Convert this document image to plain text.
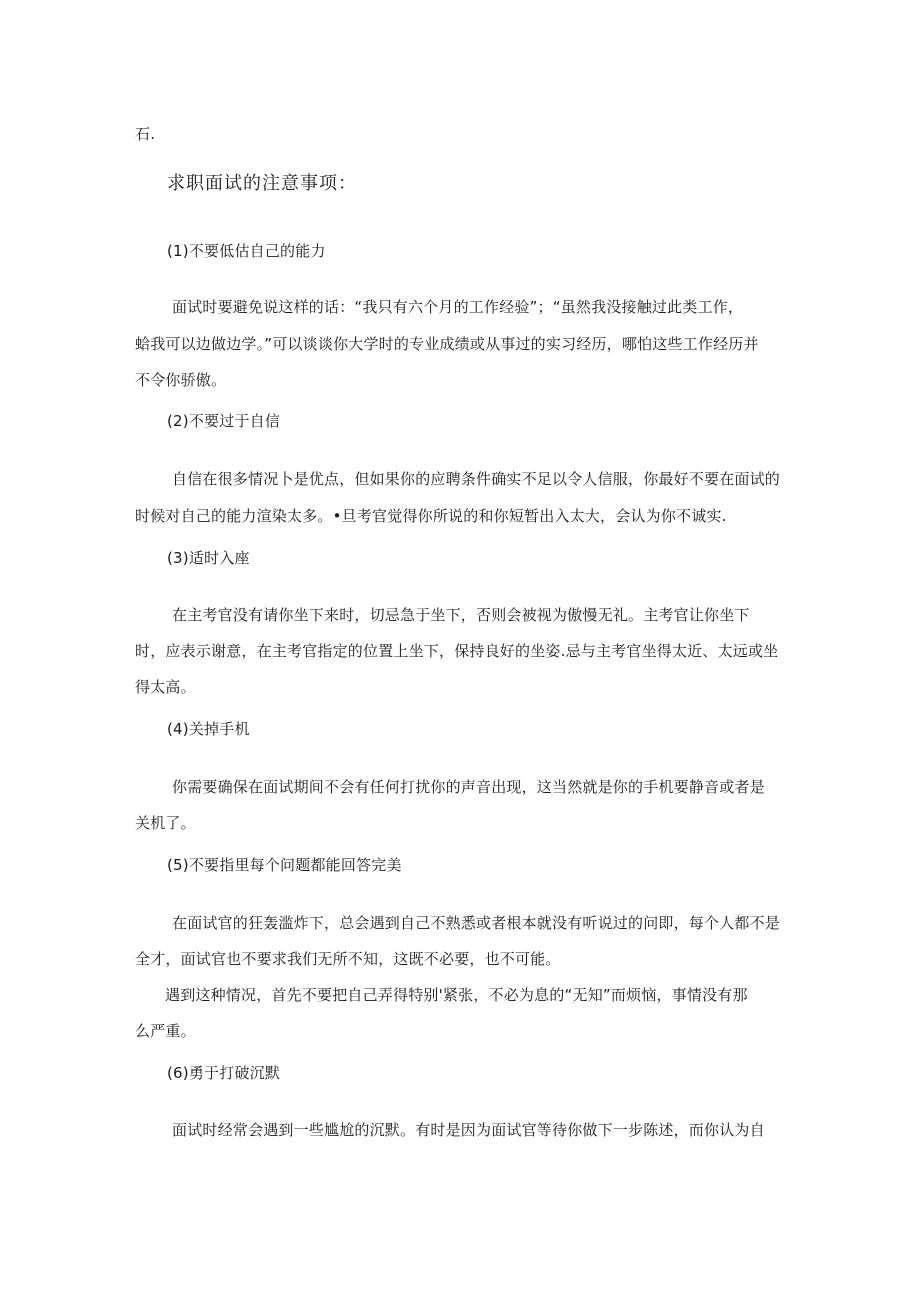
石.
求职面试的注意事项：
(1)不要低估自己的能力
面试时要避免说这样的话：“我只有六个月的工作经验”；“虽然我没接触过此类工作，
蛤我可以边做边学。”可以谈谈你大学时的专业成绩或从事过的实习经历，哪怕这些工作经历并
不令你骄傲。
(2)不要过于自信
自信在很多情况卜是优点，但如果你的应聘条件确实不足以令人信服，你最好不要在面试的
时候对自己的能力渲染太多。•旦考官觉得你所说的和你短暂出入太大，会认为你不诚实.
(3)适时入座
在主考官没有请你坐下来时，切忌急于坐下，否则会被视为傲慢无礼。主考官让你坐下
时，应表示谢意，在主考官指定的位置上坐下，保持良好的坐姿.忌与主考官坐得太近、太远或坐
得太高。
(4)关掉手机
你需要确保在面试期间不会有任何打扰你的声音出现，这当然就是你的手机要静音或者是
关机了。
(5)不要指里每个问题都能回答完美
在面试官的狂轰滥炸下，总会遇到自己不熟悉或者根本就没有听说过的问即，每个人都不是
全才，面试官也不要求我们无所不知，这既不必要，也不可能。
遇到这种情况，首先不要把自己弄得特别'紧张，不必为息的“无知”而烦恼，事情没有那
么严重。
(6)勇于打破沉默
面试时经常会遇到一些尴尬的沉默。有时是因为面试官等待你做下一步陈述，而你认为自
